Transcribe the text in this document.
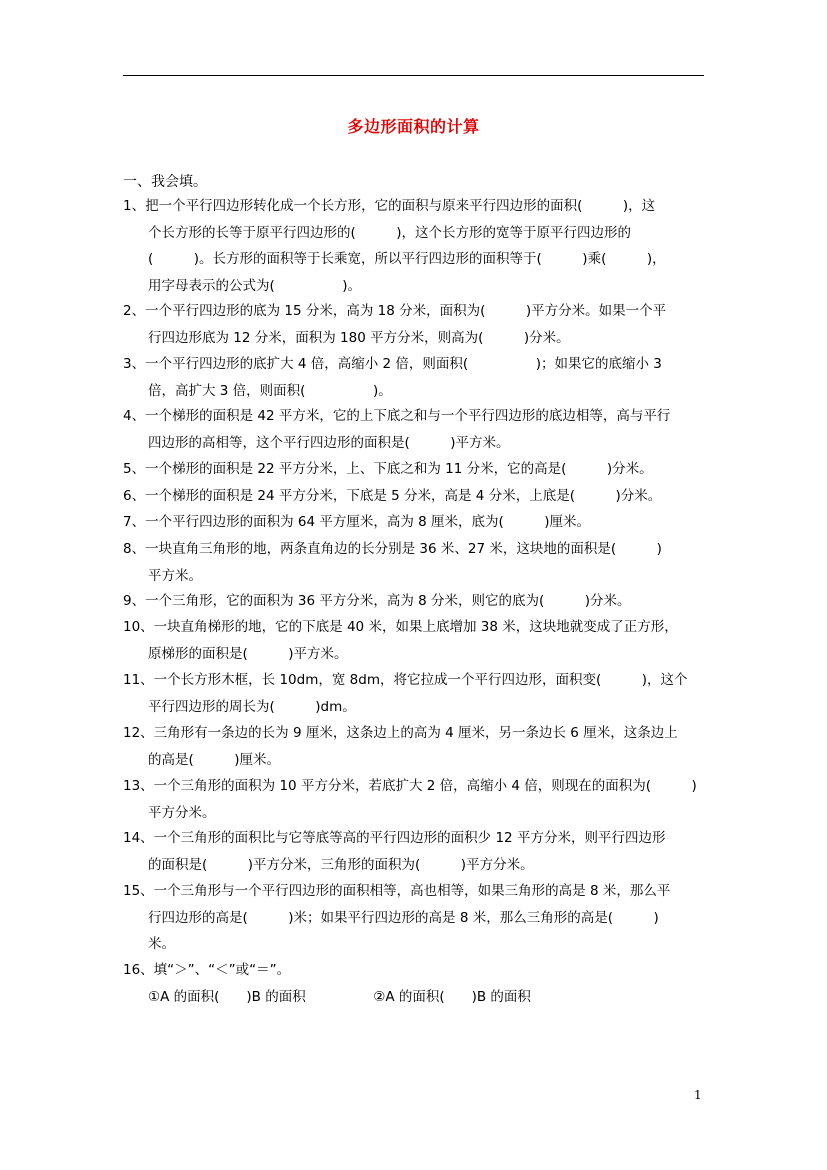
多边形面积的计算
一、我会填。
1、把一个平行四边形转化成一个长方形，它的面积与原来平行四边形的面积(　　　)，这
个长方形的长等于原平行四边形的(　　　)，这个长方形的宽等于原平行四边形的
(　　　)。长方形的面积等于长乘宽，所以平行四边形的面积等于(　　　)乘(　　　)，
用字母表示的公式为(　　　　　)。
2、一个平行四边形的底为 15 分米，高为 18 分米，面积为(　　　)平方分米。如果一个平
行四边形底为 12 分米，面积为 180 平方分米，则高为(　　　)分米。
3、一个平行四边形的底扩大 4 倍，高缩小 2 倍，则面积(　　　　　)；如果它的底缩小 3
倍，高扩大 3 倍，则面积(　　　　　)。
4、一个梯形的面积是 42 平方米，它的上下底之和与一个平行四边形的底边相等，高与平行
四边形的高相等，这个平行四边形的面积是(　　　)平方米。
5、一个梯形的面积是 22 平方分米，上、下底之和为 11 分米，它的高是(　　　)分米。
6、一个梯形的面积是 24 平方分米，下底是 5 分米，高是 4 分米，上底是(　　　)分米。
7、一个平行四边形的面积为 64 平方厘米，高为 8 厘米，底为(　　　)厘米。
8、一块直角三角形的地，两条直角边的长分别是 36 米、27 米，这块地的面积是(　　　)
平方米。
9、一个三角形，它的面积为 36 平方分米，高为 8 分米，则它的底为(　　　)分米。
10、一块直角梯形的地，它的下底是 40 米，如果上底增加 38 米，这块地就变成了正方形，
原梯形的面积是(　　　)平方米。
11、一个长方形木框，长 10dm，宽 8dm，将它拉成一个平行四边形，面积变(　　　)，这个
平行四边形的周长为(　　　)dm。
12、三角形有一条边的长为 9 厘米，这条边上的高为 4 厘米，另一条边长 6 厘米，这条边上
的高是(　　　)厘米。
13、一个三角形的面积为 10 平方分米，若底扩大 2 倍，高缩小 4 倍，则现在的面积为(　　　)
平方分米。
14、一个三角形的面积比与它等底等高的平行四边形的面积少 12 平方分米，则平行四边形
的面积是(　　　)平方分米，三角形的面积为(　　　)平方分米。
15、一个三角形与一个平行四边形的面积相等，高也相等，如果三角形的高是 8 米，那么平
行四边形的高是(　　　)米；如果平行四边形的高是 8 米，那么三角形的高是(　　　)
米。
16、填“＞”、“＜”或“＝”。
①A 的面积(　　)B 的面积　　　　　②A 的面积(　　)B 的面积
1
